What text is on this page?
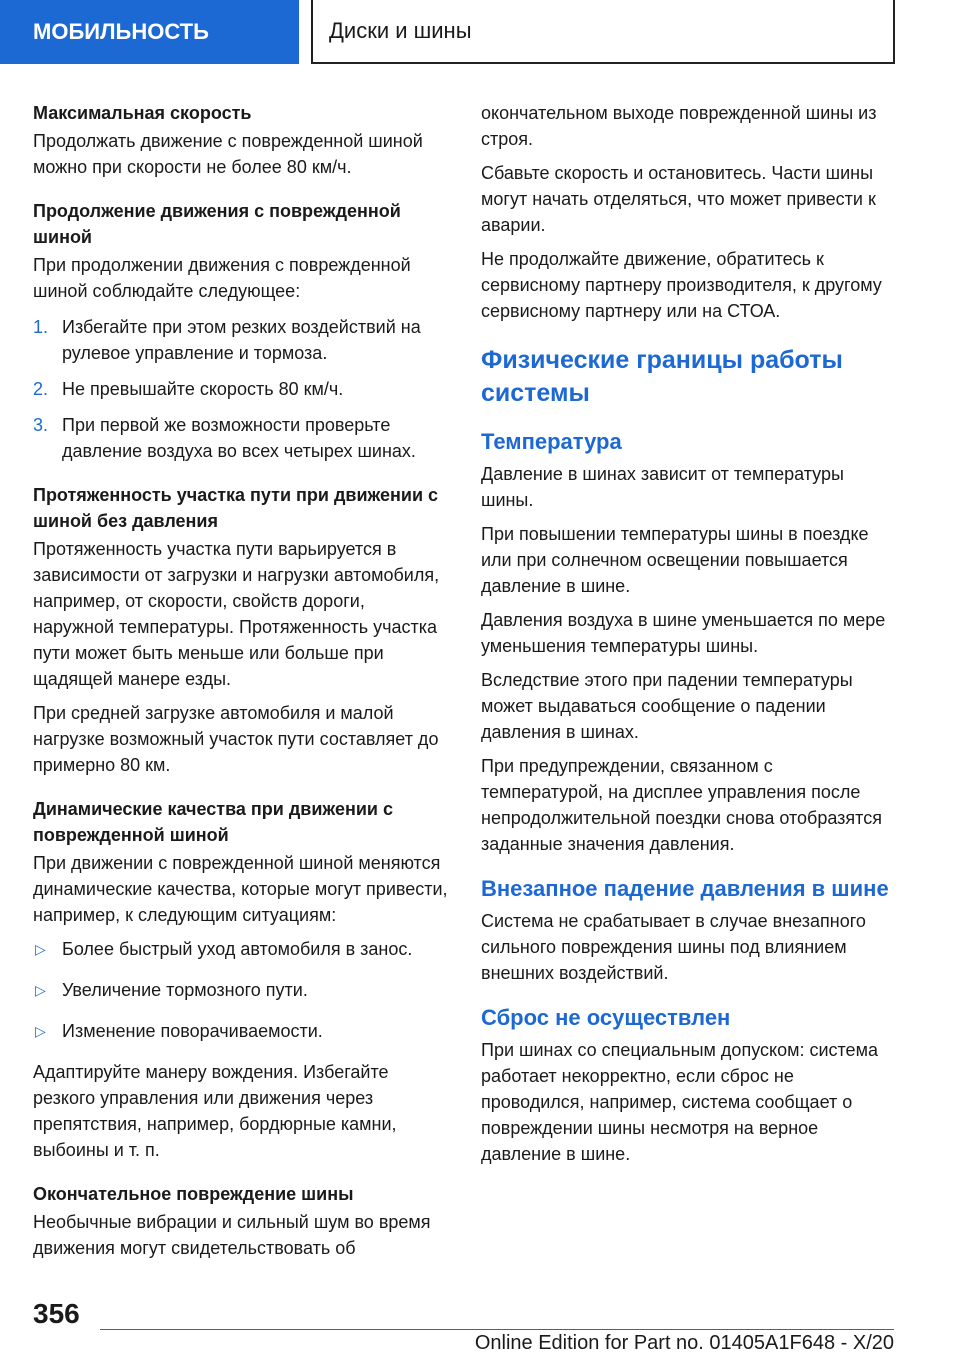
МОБИЛЬНОСТЬ	Диски и шины
Максимальная скорость

Продолжать движение с поврежденной шиной можно при скорости не более 80 км/ч.

Продолжение движения с поврежденной шиной

При продолжении движения с поврежденной шиной соблюдайте следующее:

1. Избегайте при этом резких воздействий на рулевое управление и тормоза.
2. Не превышайте скорость 80 км/ч.
3. При первой же возможности проверьте давление воздуха во всех четырех шинах.
Протяженность участка пути при движении с шиной без давления

Протяженность участка пути варьируется в зависимости от загрузки и нагрузки автомобиля, например, от скорости, свойств дороги, наружной температуры. Протяженность участка пути может быть меньше или больше при щадящей манере езды.

При средней загрузке автомобиля и малой нагрузке возможный участок пути составляет до примерно 80 км.

Динамические качества при движении с поврежденной шиной

При движении с поврежденной шиной меняются динамические качества, которые могут привести, например, к следующим ситуациям:

▷ Более быстрый уход автомобиля в занос.
▷ Увеличение тормозного пути.
▷ Изменение поворачиваемости.

Адаптируйте манеру вождения. Избегайте резкого управления или движения через препятствия, например, бордюрные камни, выбоины и т. п.

Окончательное повреждение шины

Необычные вибрации и сильный шум во время движения могут свидетельствовать об

окончательном выходе поврежденной шины из строя.

Сбавьте скорость и остановитесь. Части шины могут начать отделяться, что может привести к аварии.

Не продолжайте движение, обратитесь к сервисному партнеру производителя, к другому сервисному партнеру или на СТОА.

Физические границы работы системы
Температура

Давление в шинах зависит от температуры шины.

При повышении температуры шины в поездке или при солнечном освещении повышается давление в шине.

Давления воздуха в шине уменьшается по мере уменьшения температуры шины.

Вследствие этого при падении температуры может выдаваться сообщение о падении давления в шинах.

При предупреждении, связанном с температурой, на дисплее управления после непродолжительной поездки снова отобразятся заданные значения давления.

Внезапное падение давления в шине

Система не срабатывает в случае внезапного сильного повреждения шины под влиянием внешних воздействий.

Сброс не осуществлен

При шинах со специальным допуском: система работает некорректно, если сброс не проводился, например, система сообщает о повреждении шины несмотря на верное давление в шине.

356
Online Edition for Part no. 01405A1F648 - X/20
